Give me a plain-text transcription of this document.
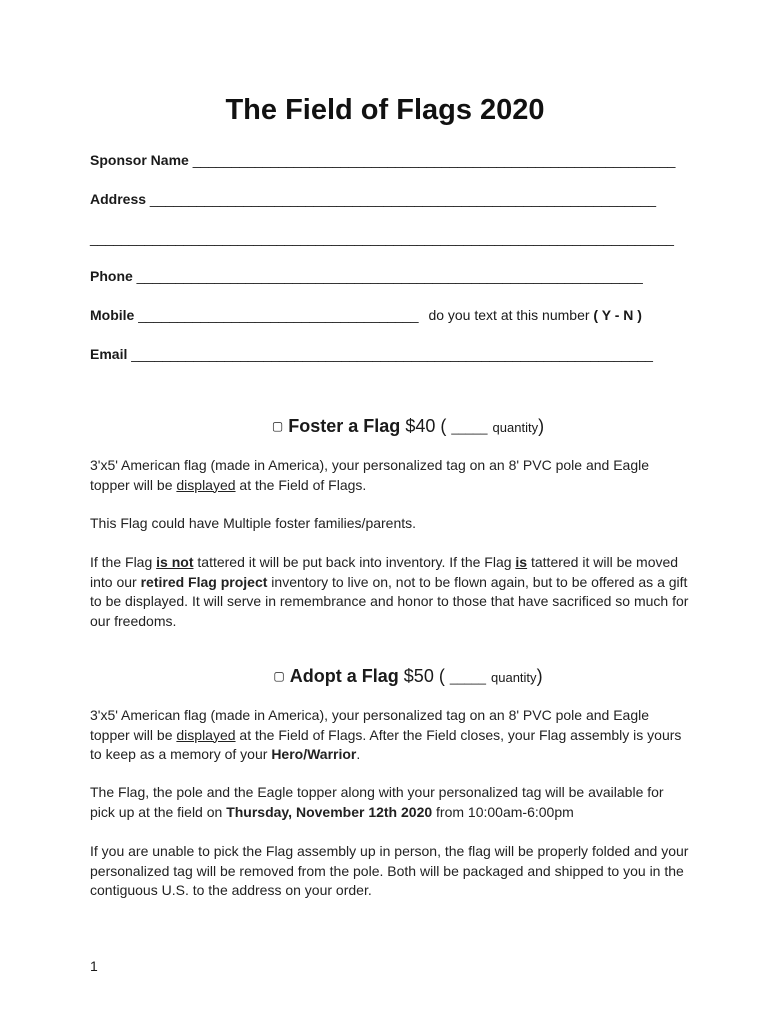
The Field of Flags 2020
Sponsor Name ______________________________________________________________
Address _________________________________________________________________
___________________________________________________________________________
Phone _________________________________________________________________
Mobile ____________________________________ do you text at this number ( Y - N )
Email ___________________________________________________________________
▢ Foster a Flag $40 ( _____ quantity)
3'x5' American flag (made in America), your personalized tag on an 8' PVC pole and Eagle topper will be displayed at the Field of Flags.
This Flag could have Multiple foster families/parents.
If the Flag is not tattered it will be put back into inventory. If the Flag is tattered it will be moved into our retired Flag project inventory to live on, not to be flown again, but to be offered as a gift to be displayed. It will serve in remembrance and honor to those that have sacrificed so much for our freedoms.
▢ Adopt a Flag $50 ( _____ quantity)
3'x5' American flag (made in America), your personalized tag on an 8' PVC pole and Eagle topper will be displayed at the Field of Flags. After the Field closes, your Flag assembly is yours to keep as a memory of your Hero/Warrior.
The Flag, the pole and the Eagle topper along with your personalized tag will be available for pick up at the field on Thursday, November 12th 2020 from 10:00am-6:00pm
If you are unable to pick the Flag assembly up in person, the flag will be properly folded and your personalized tag will be removed from the pole. Both will be packaged and shipped to you in the contiguous U.S. to the address on your order.
1
